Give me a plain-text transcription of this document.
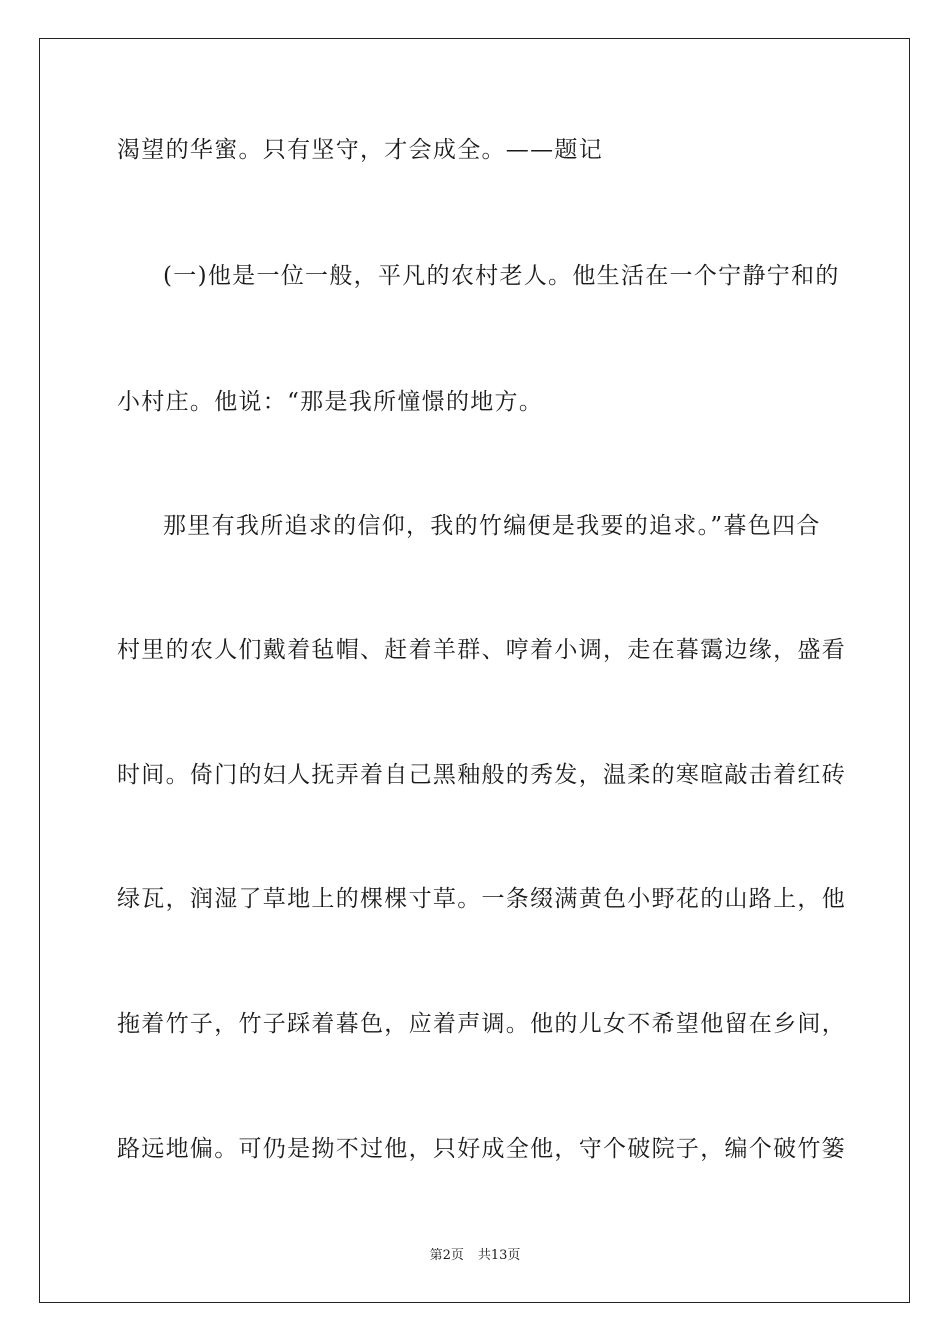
渴望的华蜜。只有坚守，才会成全。——题记
(一)他是一位一般，平凡的农村老人。他生活在一个宁静宁和的
小村庄。他说：“那是我所憧憬的地方。
那里有我所追求的信仰，我的竹编便是我要的追求。”暮色四合
村里的农人们戴着毡帽、赶着羊群、哼着小调，走在暮霭边缘，盛看
时间。倚门的妇人抚弄着自己黑釉般的秀发，温柔的寒暄敲击着红砖
绿瓦，润湿了草地上的棵棵寸草。一条缀满黄色小野花的山路上，他
拖着竹子，竹子踩着暮色，应着声调。他的儿女不希望他留在乡间，
路远地偏。可仍是拗不过他，只好成全他，守个破院子，编个破竹篓
第2页 共13页
